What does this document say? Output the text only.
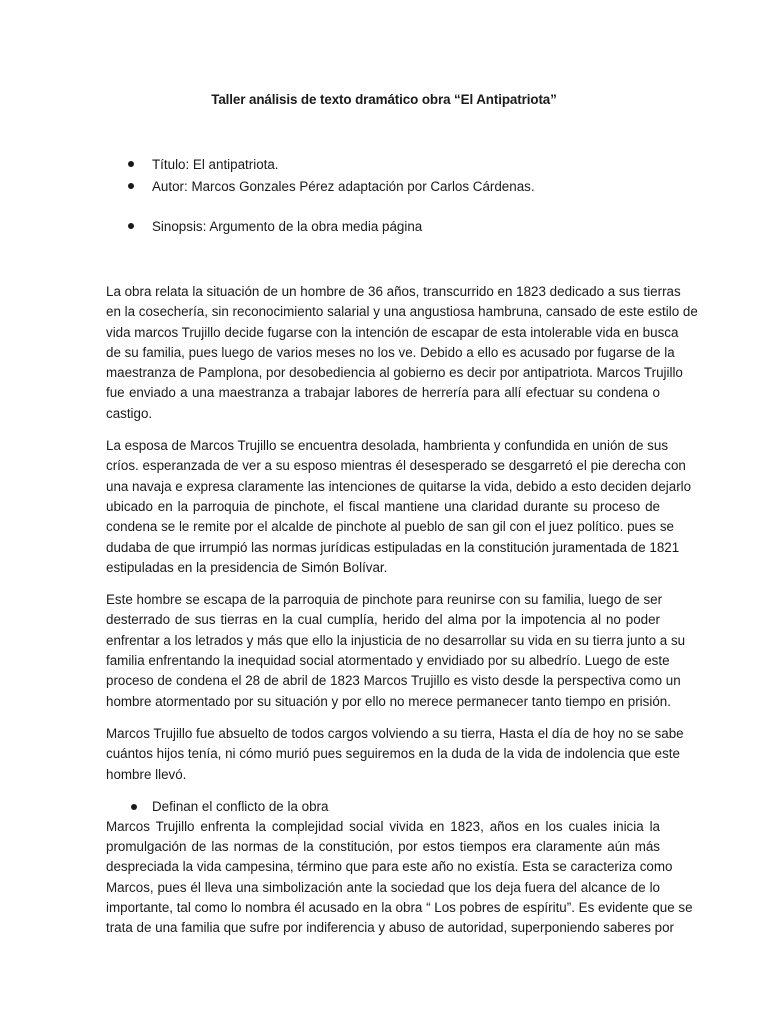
Taller análisis de texto dramático obra “El Antipatriota”
Título: El antipatriota.
Autor: Marcos Gonzales Pérez adaptación por Carlos Cárdenas.
Sinopsis: Argumento de la obra media página

La obra relata la situación de un hombre de 36 años, transcurrido en 1823 dedicado a sus tierras
en la cosechería, sin reconocimiento salarial y una angustiosa hambruna, cansado de este estilo de
vida marcos Trujillo decide fugarse con la intención de escapar de esta intolerable vida en busca
de su familia, pues luego de varios meses no los ve. Debido a ello es acusado por fugarse de la
maestranza de Pamplona, por desobediencia al gobierno es decir por antipatriota. Marcos Trujillo
fue enviado a una maestranza a trabajar labores de herrería para allí efectuar su condena o
castigo.

La esposa de Marcos Trujillo se encuentra desolada, hambrienta y confundida en unión de sus
críos. esperanzada de ver a su esposo mientras él desesperado se desgarretó el pie derecha con
una navaja e expresa claramente las intenciones de quitarse la vida, debido a esto deciden dejarlo
ubicado en la parroquia de pinchote, el fiscal mantiene una claridad durante su proceso de
condena se le remite por el alcalde de pinchote al pueblo de san gil con el juez político. pues se
dudaba de que irrumpió las normas jurídicas estipuladas en la constitución juramentada de 1821
estipuladas en la presidencia de Simón Bolívar.

Este hombre se escapa de la parroquia de pinchote para reunirse con su familia, luego de ser
desterrado de sus tierras en la cual cumplía, herido del alma por la impotencia al no poder
enfrentar a los letrados y más que ello la injusticia de no desarrollar su vida en su tierra junto a su
familia enfrentando la inequidad social atormentado y envidiado por su albedrío. Luego de este
proceso de condena el 28 de abril de 1823 Marcos Trujillo es visto desde la perspectiva como un
hombre atormentado por su situación y por ello no merece permanecer tanto tiempo en prisión.

Marcos Trujillo fue absuelto de todos cargos volviendo a su tierra, Hasta el día de hoy no se sabe
cuántos hijos tenía, ni cómo murió pues seguiremos en la duda de la vida de indolencia que este
hombre llevó.

Definan el conflicto de la obra
Marcos Trujillo enfrenta la complejidad social vivida en 1823, años en los cuales inicia la
promulgación de las normas de la constitución, por estos tiempos era claramente aún más
despreciada la vida campesina, término que para este año no existía. Esta se caracteriza como
Marcos, pues él lleva una simbolización ante la sociedad que los deja fuera del alcance de lo
importante, tal como lo nombra él acusado en la obra “ Los pobres de espíritu”. Es evidente que se
trata de una familia que sufre por indiferencia y abuso de autoridad, superponiendo saberes por
